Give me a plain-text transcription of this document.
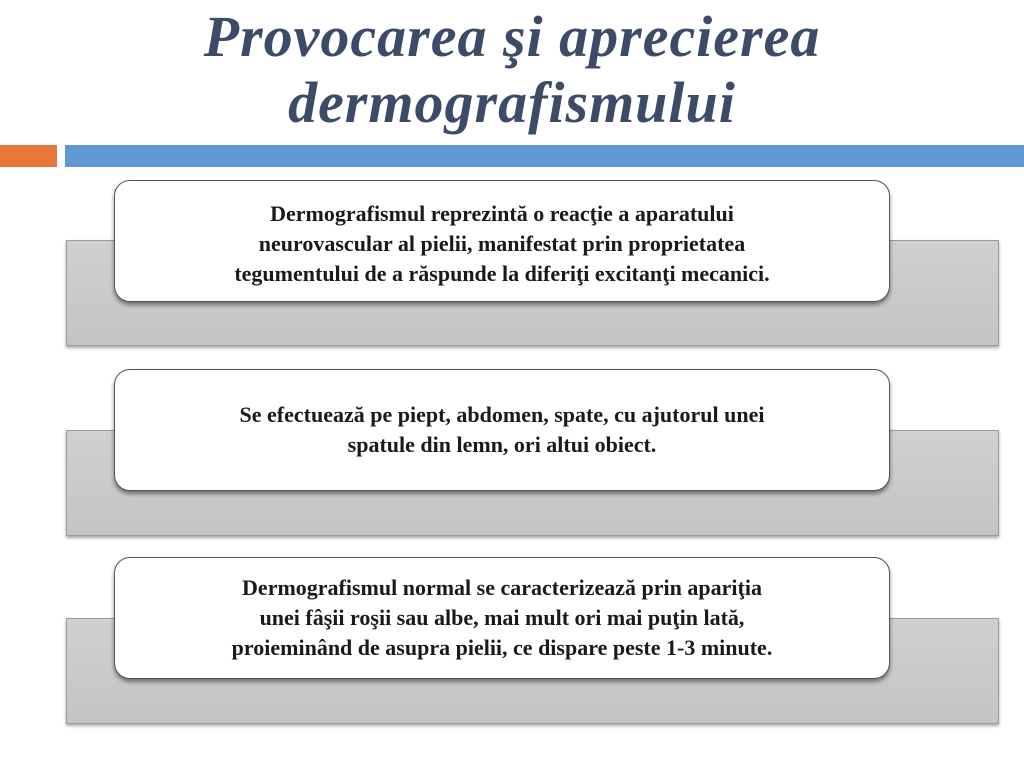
Provocarea şi aprecierea
dermografismului
Dermografismul reprezintă o reacţie a aparatului
neurovascular al pielii, manifestat prin proprietatea
tegumentului de a răspunde la diferiţi excitanţi mecanici.
Se efectuează pe piept, abdomen, spate, cu ajutorul unei
spatule din lemn, ori altui obiect.
Dermografismul normal se caracterizează prin apariţia
unei fâşii roşii sau albe, mai mult ori mai puţin lată,
proieminând de asupra pielii, ce dispare peste 1-3 minute.
